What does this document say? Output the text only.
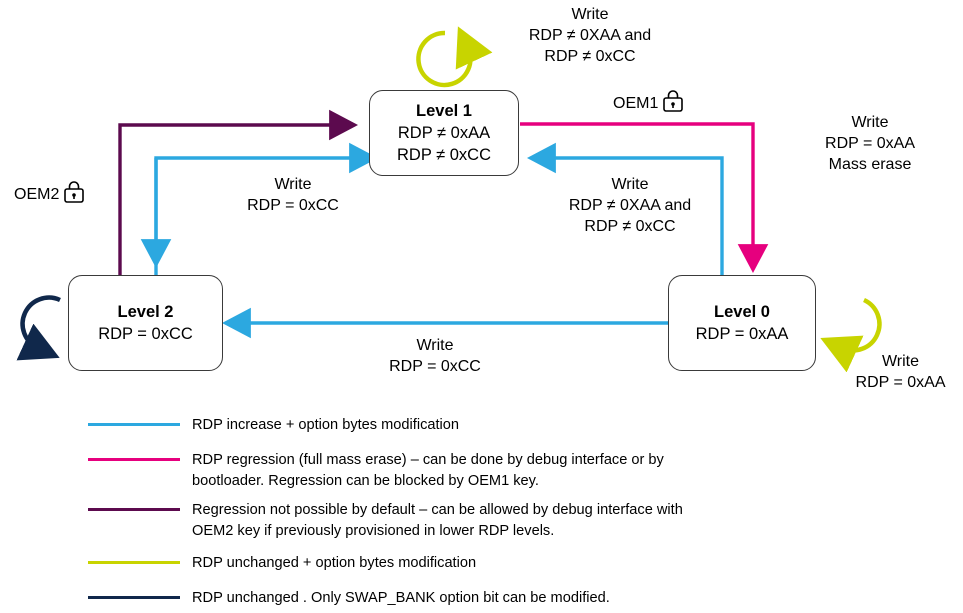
Level 1
RDP ≠ 0xAA
RDP ≠ 0xCC
Level 2
RDP = 0xCC
Level 0
RDP = 0xAA
Write
RDP ≠ 0XAA and
RDP ≠ 0xCC
Write
RDP = 0xCC
Write
RDP ≠ 0XAA and
RDP ≠ 0xCC
Write
RDP = 0xAA
Mass erase
Write
RDP = 0xCC	Write
RDP = 0xAA
OEM1
OEM2
RDP increase + option bytes modification
RDP regression (full mass erase) – can be done by debug interface or by bootloader. Regression can be blocked by OEM1 key.
Regression not possible by default – can be allowed by debug interface with OEM2 key if previously provisioned in lower RDP levels.
RDP unchanged + option bytes modification
RDP unchanged . Only SWAP_BANK option bit can be modified.
